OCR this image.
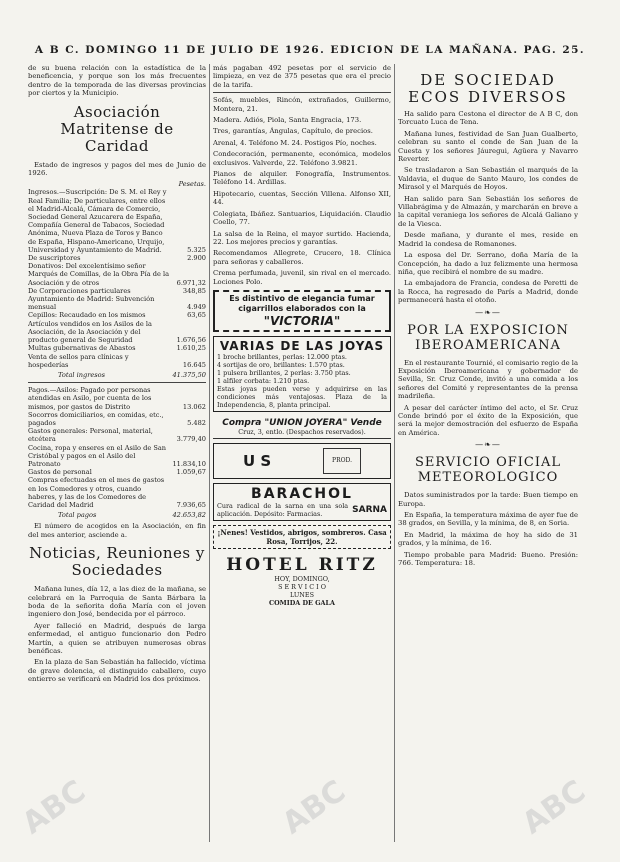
A B C. DOMINGO 11 DE JULIO DE 1926. EDICION DE LA MAÑANA. PAG. 25.

de su buena relación con la estadística de la beneficencia, y porque son los más frecuentes dentro de la temporada de las diversas provincias por ciertos y la Municipio.

Asociación Matritense de Caridad

Estado de ingresos y pagos del mes de Junio de 1926.

Pesetas.
Ingresos.—Suscripción: De S. M. el Rey y Real Familia; De particulares, entre ellos el Madrid-Alcalá, Cámara de Comercio, Sociedad General Azucarera de España, Compañía General de Tabacos, Sociedad Anónima, Nueva Plaza de Toros y Banco de España, Hispano-Americano, Urquijo, Universidad y Ayuntamiento de Madrid.	5.325
De suscriptores	2.900
Donativos: Del excelentísimo señor Marqués de Comillas, de la Obra Pía de la Asociación y de otros	6.971,32
De Corporaciones particulares	348,85
Ayuntamiento de Madrid: Subvención mensual	4.949
Cepillos: Recaudado en los mismos	63,65
Artículos vendidos en los Asilos de la Asociación, de la Asociación y del producto general de Seguridad	1.676,56
Multas gubernativas de Abastos	1.610,25
Venta de sellos para clínicas y hospederías	16.645
Total ingresos	41.375,50
Pagos.—Asilos: Pagado por personas atendidas en Asilo, por cuenta de los mismos, por gastos de Distrito	13.062
Socorros domiciliarios, en comidas, etc., pagados	5.482
Gastos generales: Personal, material, etcétera	3.779,40
Cocina, ropa y enseres en el Asilo de San Cristóbal y pagos en el Asilo del Patronato	11.834,10
Gastos de personal	1.059,67
Compras efectuadas en el mes de gastos en los Comedores y otros, cuando haberes, y las de los Comedores de Caridad del Madrid	7.936,65
Total pagos	42.653,82

El número de acogidos en la Asociación, en fin del mes anterior, asciende a.

Noticias, Reuniones y Sociedades

Mañana lunes, día 12, a las diez de la mañana, se celebrará en la Parroquia de Santa Bárbara la boda de la señorita doña María con el joven ingeniero don José, bendecida por el párroco.

Ayer falleció en Madrid, después de larga enfermedad, el antiguo funcionario don Pedro Martín, a quien se atribuyen numerosas obras benéficas.

En la plaza de San Sebastián ha fallecido, víctima de grave dolencia, el distinguido caballero, cuyo entierro se verificará en Madrid los dos próximos.

más pagaban 492 pesetas por el servicio de limpieza, en vez de 375 pesetas que era el precio de la tarifa.

Sofás, muebles, Rincón, extrañados, Guillermo, Montera, 21.

Madera. Adiós, Piola, Santa Engracia, 173.

Tres, garantías, Ángulas, Capítulo, de precios.

Arenal, 4. Teléfono M. 24. Postigos Pío, noches.

Condecoración, permanente, económica, modelos exclusivos. Valverde, 22. Teléfono 3.9821.

Pianos de alquiler. Fonografía, Instrumentos. Teléfono 14. Ardillas.

Hipotecario, cuentas, Sección Villena. Alfonso XII, 44.

Colegiata, Ibáñez. Santuarios, Liquidación. Claudio Coello, 77.

La salsa de la Reina, el mayor surtido. Hacienda, 22. Los mejores precios y garantías.

Recomendamos Allegrete, Crucero, 18. Clínica para señoras y caballeros.

Crema perfumada, juvenil, sin rival en el mercado. Lociones Polo.

Es distintivo de elegancia fumar cigarrillos elaborados con la
"VICTORIA"
VARIAS DE LAS JOYAS
1 broche brillantes, perlas: 12.000 ptas.
4 sortijas de oro, brillantes: 1.570 ptas.
1 pulsera brillantes, 2 perlas: 3.750 ptas.
1 alfiler corbata: 1.210 ptas.
Estas joyas pueden verse y adquirirse en las condiciones más ventajosas. Plaza de la Independencia, 8, planta principal.
Compra "UNION JOYERA" Vende
Cruz, 3, entlo. (Despachos reservados).
U S	PROD.
BARACHOL
Cura radical de la sarna en una sola aplicación. Depósito: Farmacias.	SARNA
¡Nenes! Vestidos, abrigos, sombreros. Casa Rosa, Torrijos, 22.
HOTEL RITZ
HOY, DOMINGO,
S E R V I C I O
LUNES
COMIDA DE GALA
DE SOCIEDAD
ECOS DIVERSOS

Ha salido para Cestona el director de A B C, don Torcuato Luca de Tena.

Mañana lunes, festividad de San Juan Gualberto, celebran su santo el conde de San Juan de la Cuesta y los señores Jáuregui, Agüera y Navarro Reverter.

Se trasladaron a San Sebastián el marqués de la Valdavia, el duque de Santo Mauro, los condes de Mirasol y el Marqués de Hoyos.

Han salido para San Sebastián los señores de Villabrágima y de Almazán, y marcharán en breve a la capital veraniega los señores de Alcalá Galiano y de la Viesca.

Desde mañana, y durante el mes, reside en Madrid la condesa de Romanones.

La esposa del Dr. Serrano, doña María de la Concepción, ha dado a luz felizmente una hermosa niña, que recibirá el nombre de su madre.

La embajadora de Francia, condesa de Peretti de la Rocca, ha regresado de París a Madrid, donde permanecerá hasta el otoño.

—❧—
POR LA EXPOSICION IBEROAMERICANA

En el restaurante Tournié, el comisario regio de la Exposición Iberoamericana y gobernador de Sevilla, Sr. Cruz Conde, invitó a una comida a los señores del Comité y representantes de la prensa madrileña.

A pesar del carácter íntimo del acto, el Sr. Cruz Conde brindó por el éxito de la Exposición, que será la mejor demostración del esfuerzo de España en América.

—❧—
SERVICIO OFICIAL METEOROLOGICO

Datos suministrados por la tarde: Buen tiempo en Europa.

En España, la temperatura máxima de ayer fue de 38 grados, en Sevilla, y la mínima, de 8, en Soria.

En Madrid, la máxima de hoy ha sido de 31 grados, y la mínima, de 16.

Tiempo probable para Madrid: Bueno. Presión: 766. Temperatura: 18.

ABC	ABC	ABC
